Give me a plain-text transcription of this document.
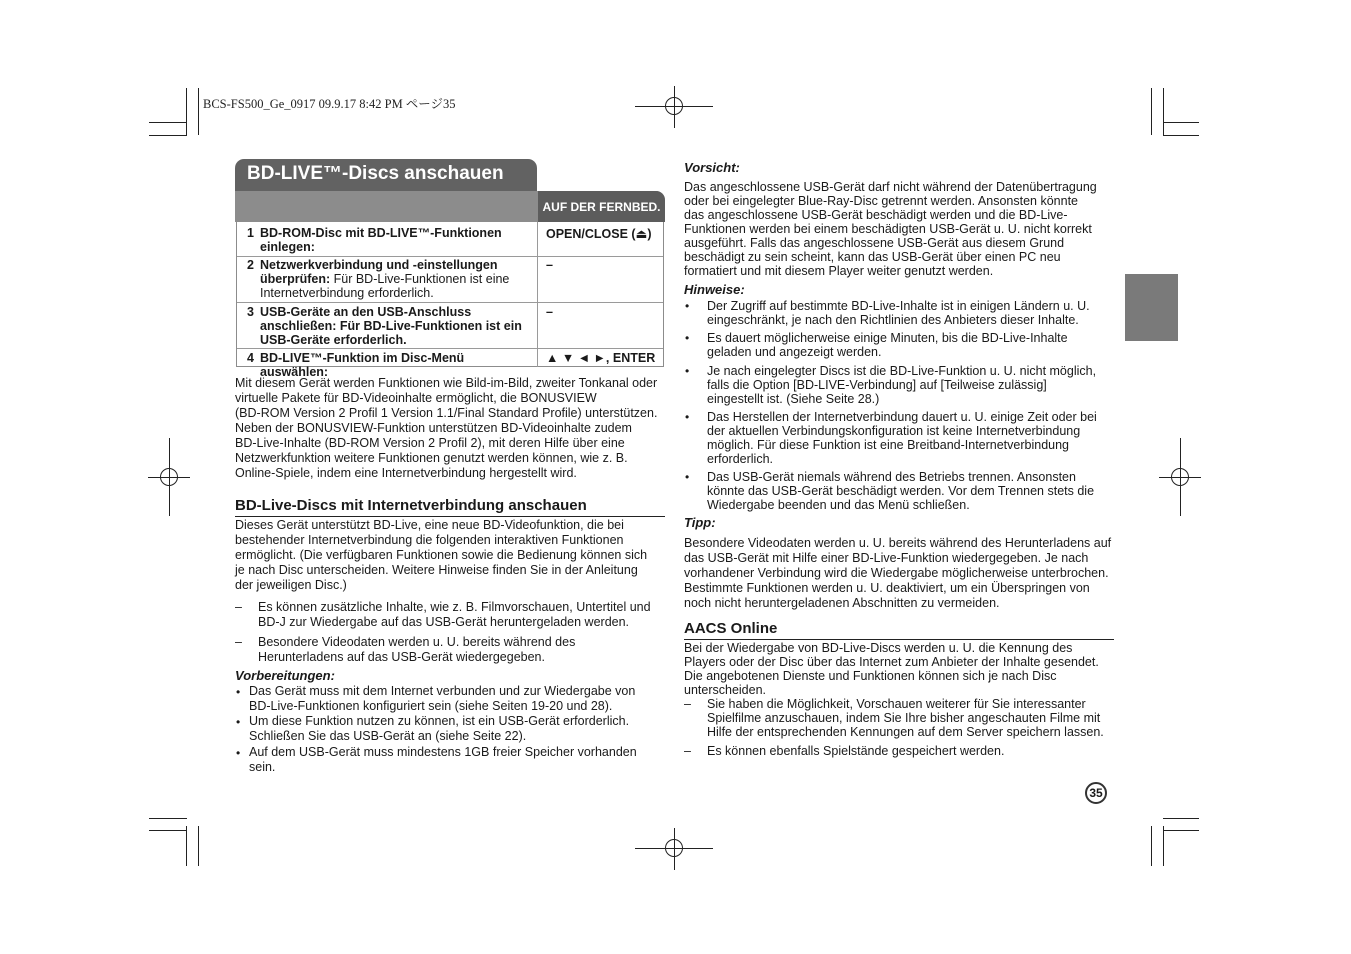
BCS-FS500_Ge_0917 09.9.17 8:42 PM ページ35
BD-LIVE™-Discs anschauen
AUF DER FERNBED.
1 BD-ROM-Disc mit BD-LIVE™-Funktionen einlegen:
OPEN/CLOSE (⏏)
2 Netzwerkverbindung und -einstellungen überprüfen: Für BD-Live-Funktionen ist eine Internetverbindung erforderlich.
–
3 USB-Geräte an den USB-Anschluss anschließen: Für BD-Live-Funktionen ist ein USB-Geräte erforderlich.
–
4 BD-LIVE™-Funktion im Disc-Menü auswählen:
▲ ▼ ◄ ►, ENTER
Mit diesem Gerät werden Funktionen wie Bild-im-Bild, zweiter Tonkanal oder
virtuelle Pakete für BD-Videoinhalte ermöglicht, die BONUSVIEW
(BD-ROM Version 2 Profil 1 Version 1.1/Final Standard Profile) unterstützen.
Neben der BONUSVIEW-Funktion unterstützen BD-Videoinhalte zudem
BD-Live-Inhalte (BD-ROM Version 2 Profil 2), mit deren Hilfe über eine
Netzwerkfunktion weitere Funktionen genutzt werden können, wie z. B.
Online-Spiele, indem eine Internetverbindung hergestellt wird.
BD-Live-Discs mit Internetverbindung anschauen
Dieses Gerät unterstützt BD-Live, eine neue BD-Videofunktion, die bei
bestehender Internetverbindung die folgenden interaktiven Funktionen
ermöglicht. (Die verfügbaren Funktionen sowie die Bedienung können sich
je nach Disc unterscheiden. Weitere Hinweise finden Sie in der Anleitung
der jeweiligen Disc.)
– Es können zusätzliche Inhalte, wie z. B. Filmvorschauen, Untertitel und
BD-J zur Wiedergabe auf das USB-Gerät heruntergeladen werden.
– Besondere Videodaten werden u. U. bereits während des
Herunterladens auf das USB-Gerät wiedergegeben.
Vorbereitungen:
• Das Gerät muss mit dem Internet verbunden und zur Wiedergabe von
BD-Live-Funktionen konfiguriert sein (siehe Seiten 19-20 und 28).
• Um diese Funktion nutzen zu können, ist ein USB-Gerät erforderlich.
Schließen Sie das USB-Gerät an (siehe Seite 22).
• Auf dem USB-Gerät muss mindestens 1GB freier Speicher vorhanden
sein.
Vorsicht:
Das angeschlossene USB-Gerät darf nicht während der Datenübertragung
oder bei eingelegter Blue-Ray-Disc getrennt werden. Ansonsten könnte
das angeschlossene USB-Gerät beschädigt werden und die BD-Live-
Funktionen werden bei einem beschädigten USB-Gerät u. U. nicht korrekt
ausgeführt. Falls das angeschlossene USB-Gerät aus diesem Grund
beschädigt zu sein scheint, kann das USB-Gerät über einen PC neu
formatiert und mit diesem Player weiter genutzt werden.
Hinweise:
• Der Zugriff auf bestimmte BD-Live-Inhalte ist in einigen Ländern u. U.
eingeschränkt, je nach den Richtlinien des Anbieters dieser Inhalte.
• Es dauert möglicherweise einige Minuten, bis die BD-Live-Inhalte
geladen und angezeigt werden.
• Je nach eingelegter Discs ist die BD-Live-Funktion u. U. nicht möglich,
falls die Option [BD-LIVE-Verbindung] auf [Teilweise zulässig]
eingestellt ist. (Siehe Seite 28.)
• Das Herstellen der Internetverbindung dauert u. U. einige Zeit oder bei
der aktuellen Verbindungskonfiguration ist keine Internetverbindung
möglich. Für diese Funktion ist eine Breitband-Internetverbindung
erforderlich.
• Das USB-Gerät niemals während des Betriebs trennen. Ansonsten
könnte das USB-Gerät beschädigt werden. Vor dem Trennen stets die
Wiedergabe beenden und das Menü schließen.
Tipp:
Besondere Videodaten werden u. U. bereits während des Herunterladens auf
das USB-Gerät mit Hilfe einer BD-Live-Funktion wiedergegeben. Je nach
vorhandener Verbindung wird die Wiedergabe möglicherweise unterbrochen.
Bestimmte Funktionen werden u. U. deaktiviert, um ein Überspringen von
noch nicht heruntergeladenen Abschnitten zu vermeiden.
AACS Online
Bei der Wiedergabe von BD-Live-Discs werden u. U. die Kennung des
Players oder der Disc über das Internet zum Anbieter der Inhalte gesendet.
Die angebotenen Dienste und Funktionen können sich je nach Disc
unterscheiden.
– Sie haben die Möglichkeit, Vorschauen weiterer für Sie interessanter
Spielfilme anzuschauen, indem Sie Ihre bisher angeschauten Filme mit
Hilfe der entsprechenden Kennungen auf dem Server speichern lassen.
– Es können ebenfalls Spielstände gespeichert werden.
35
